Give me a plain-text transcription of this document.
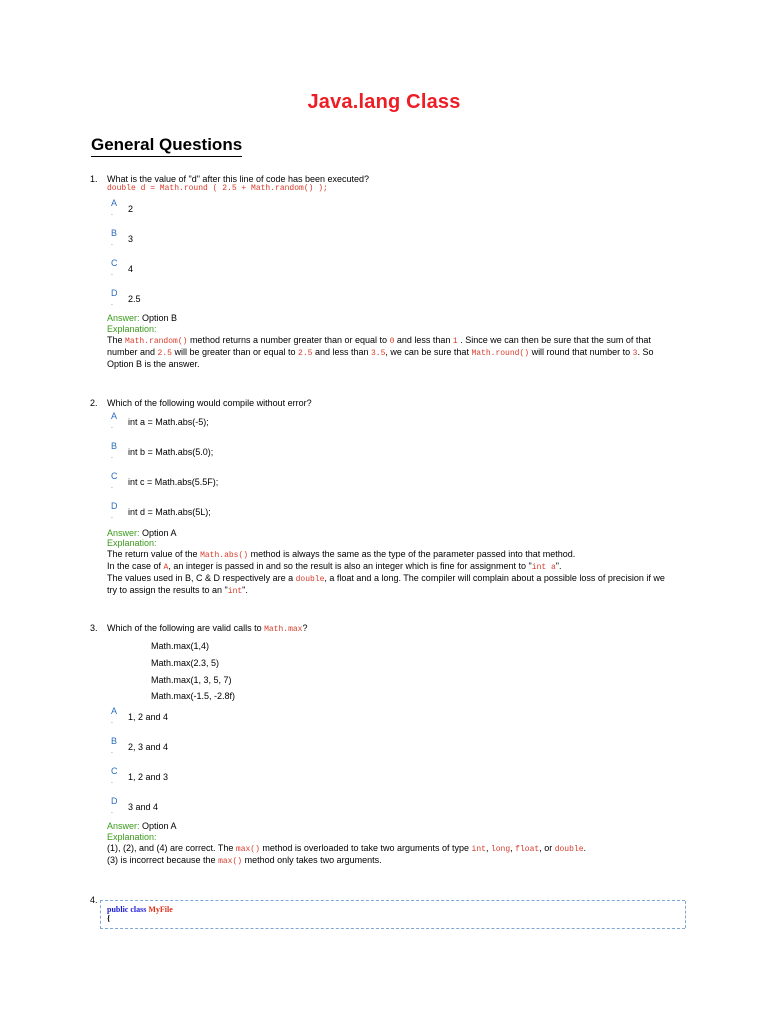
Java.lang Class
General Questions
1. What is the value of "d" after this line of code has been executed?
double d = Math.round ( 2.5 + Math.random() );
A
. 2
B
. 3
C
. 4
D
. 2.5
Answer: Option B
Explanation:
The Math.random() method returns a number greater than or equal to 0 and less than 1 . Since we can then be sure that the sum of that number and 2.5 will be greater than or equal to 2.5 and less than 3.5, we can be sure that Math.round() will round that number to 3. So Option B is the answer.
2. Which of the following would compile without error?
A
. int a = Math.abs(-5);
B
. int b = Math.abs(5.0);
C
. int c = Math.abs(5.5F);
D
. int d = Math.abs(5L);
Answer: Option A
Explanation:
The return value of the Math.abs() method is always the same as the type of the parameter passed into that method.
In the case of A, an integer is passed in and so the result is also an integer which is fine for assignment to "int a".
The values used in B, C & D respectively are a double, a float and a long. The compiler will complain about a possible loss of precision if we try to assign the results to an "int".
3. Which of the following are valid calls to Math.max?
Math.max(1,4)
Math.max(2.3, 5)
Math.max(1, 3, 5, 7)
Math.max(-1.5, -2.8f)
A
. 1, 2 and 4
B
. 2, 3 and 4
C
. 1, 2 and 3
D
. 3 and 4
Answer: Option A
Explanation:
(1), (2), and (4) are correct. The max() method is overloaded to take two arguments of type int, long, float, or double.
(3) is incorrect because the max() method only takes two arguments.
4.
public class MyFile
{
